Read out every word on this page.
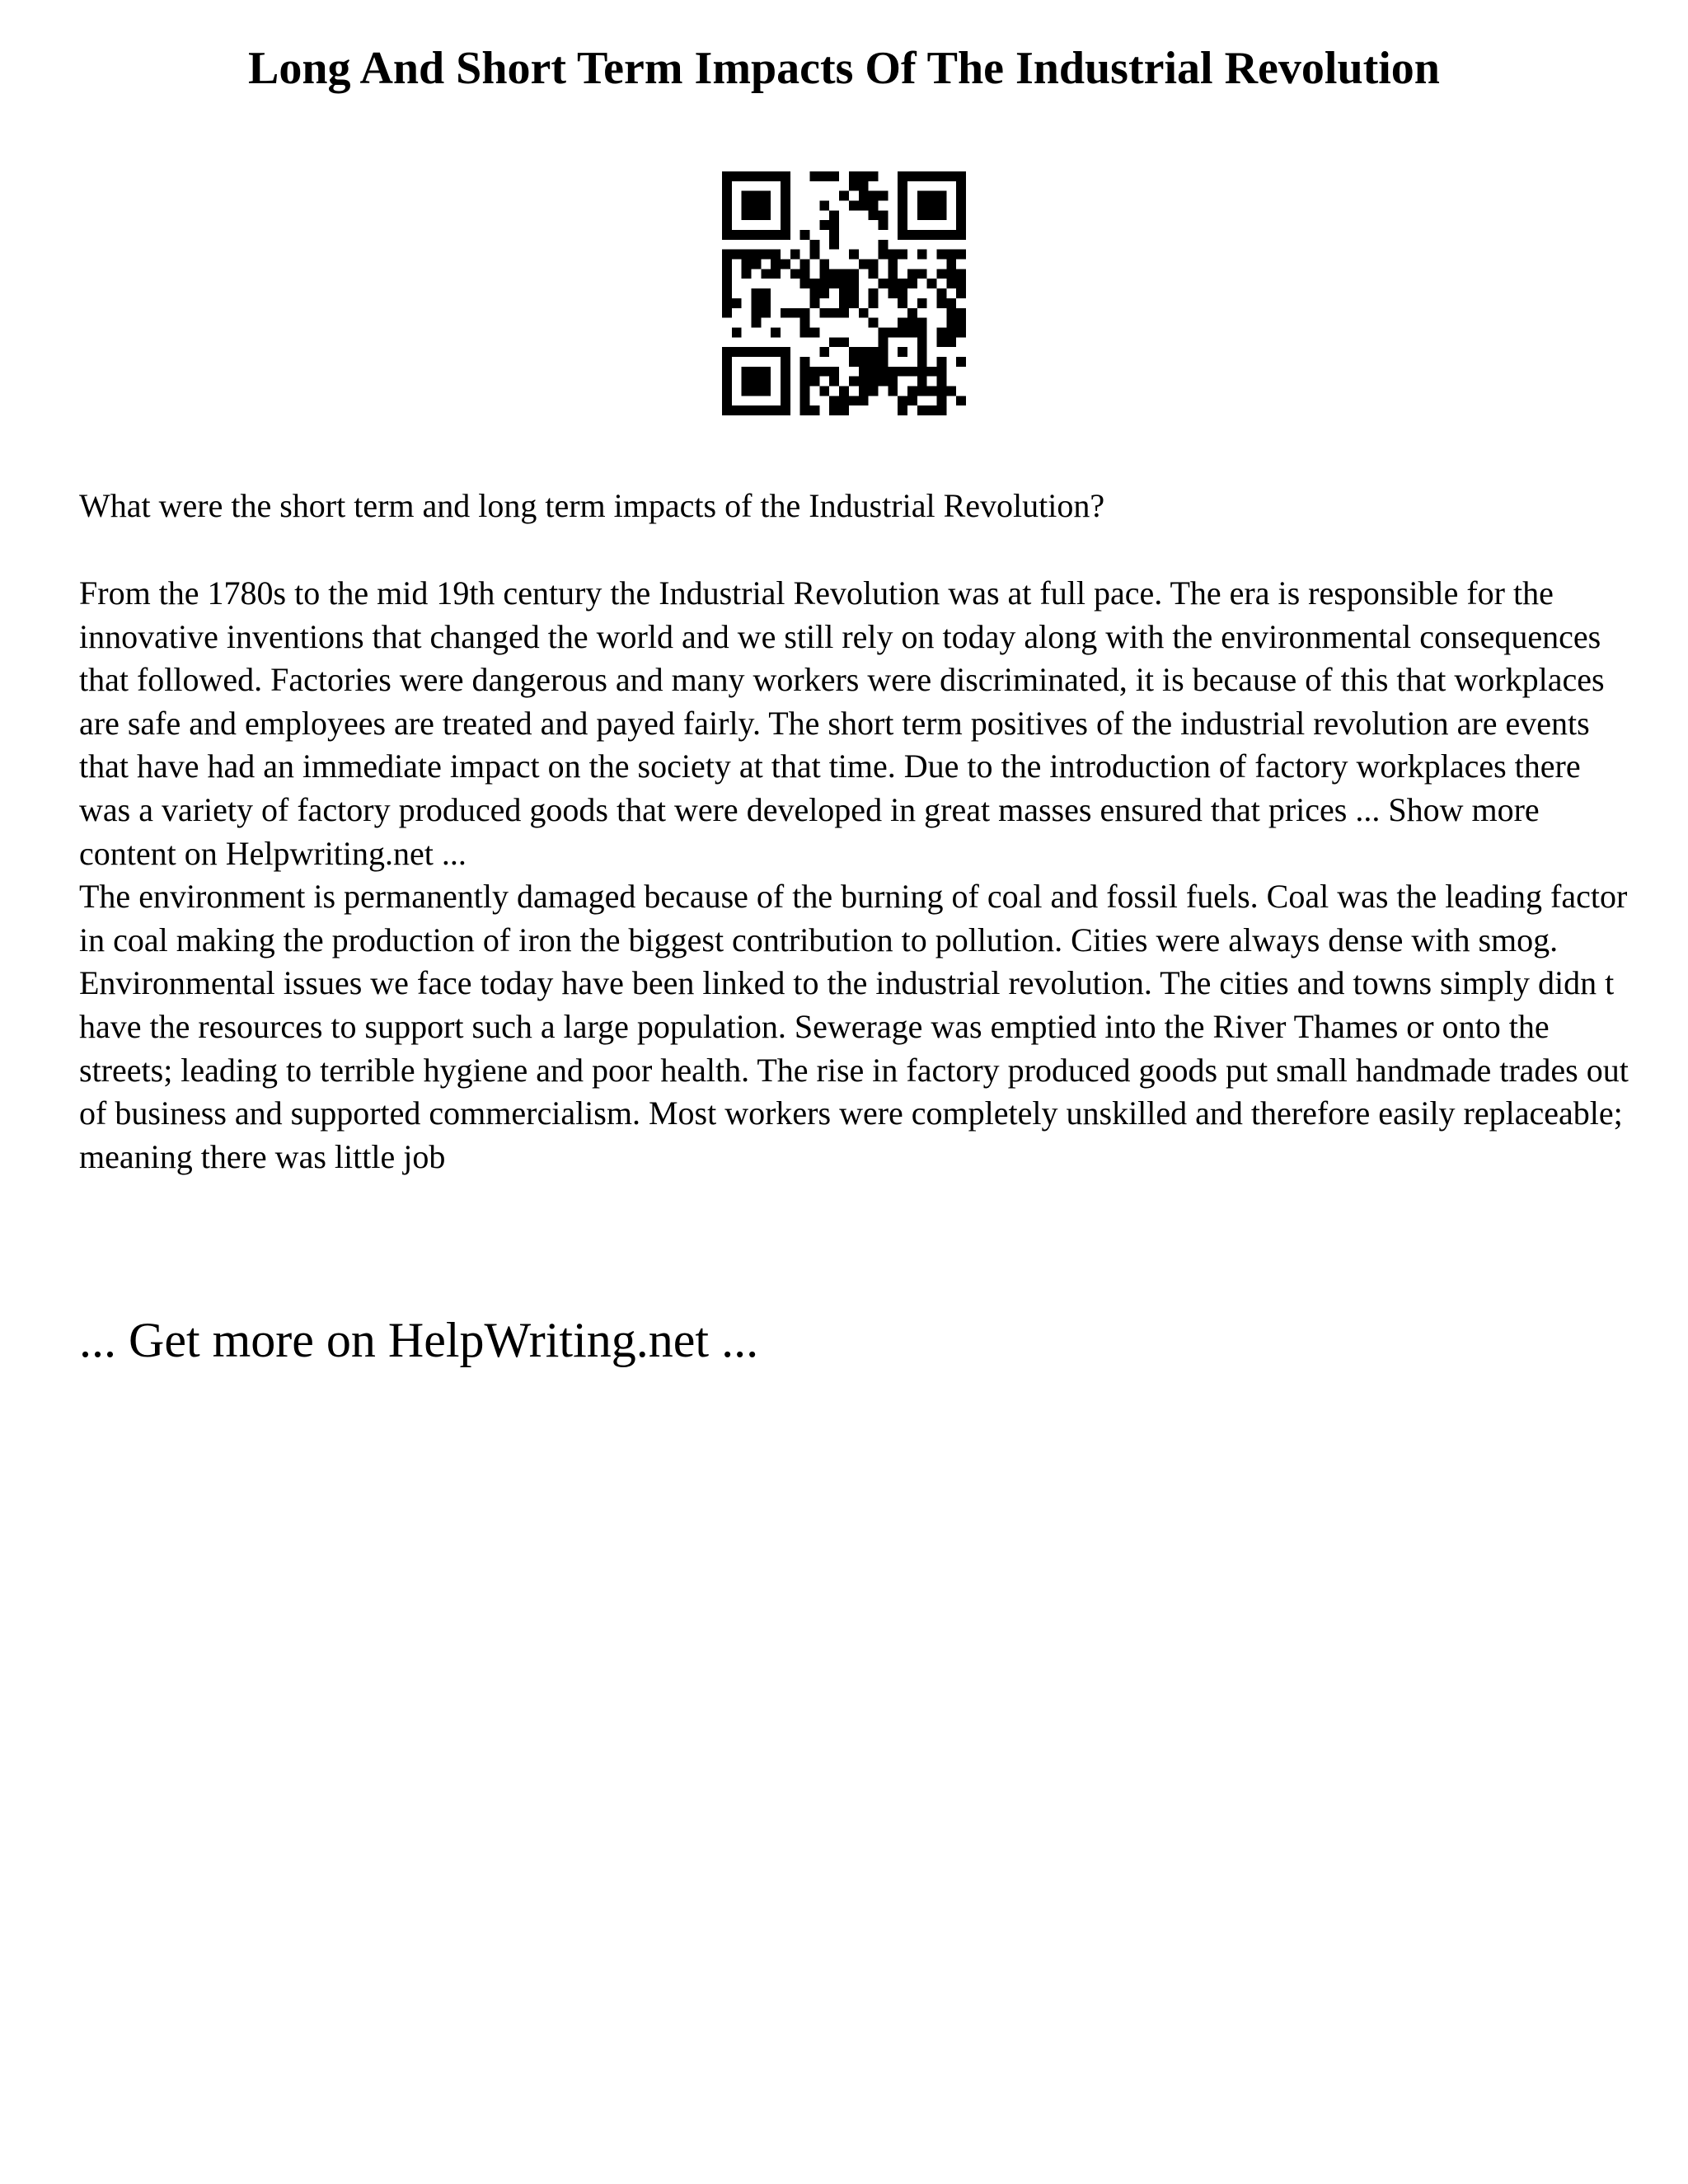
Long And Short Term Impacts Of The Industrial Revolution

What were the short term and long term impacts of the Industrial Revolution?

From the 1780s to the mid 19th century the Industrial Revolution was at full pace. The era is responsible for the innovative inventions that changed the world and we still rely on today along with the environmental consequences that followed. Factories were dangerous and many workers were discriminated, it is because of this that workplaces are safe and employees are treated and payed fairly. The short term positives of the industrial revolution are events that have had an immediate impact on the society at that time. Due to the introduction of factory workplaces there was a variety of factory produced goods that were developed in great masses ensured that prices ... Show more content on Helpwriting.net ...

The environment is permanently damaged because of the burning of coal and fossil fuels. Coal was the leading factor in coal making the production of iron the biggest contribution to pollution. Cities were always dense with smog. Environmental issues we face today have been linked to the industrial revolution. The cities and towns simply didn t have the resources to support such a large population. Sewerage was emptied into the River Thames or onto the streets; leading to terrible hygiene and poor health. The rise in factory produced goods put small handmade trades out of business and supported commercialism. Most workers were completely unskilled and therefore easily replaceable; meaning there was little job

... Get more on HelpWriting.net ...
